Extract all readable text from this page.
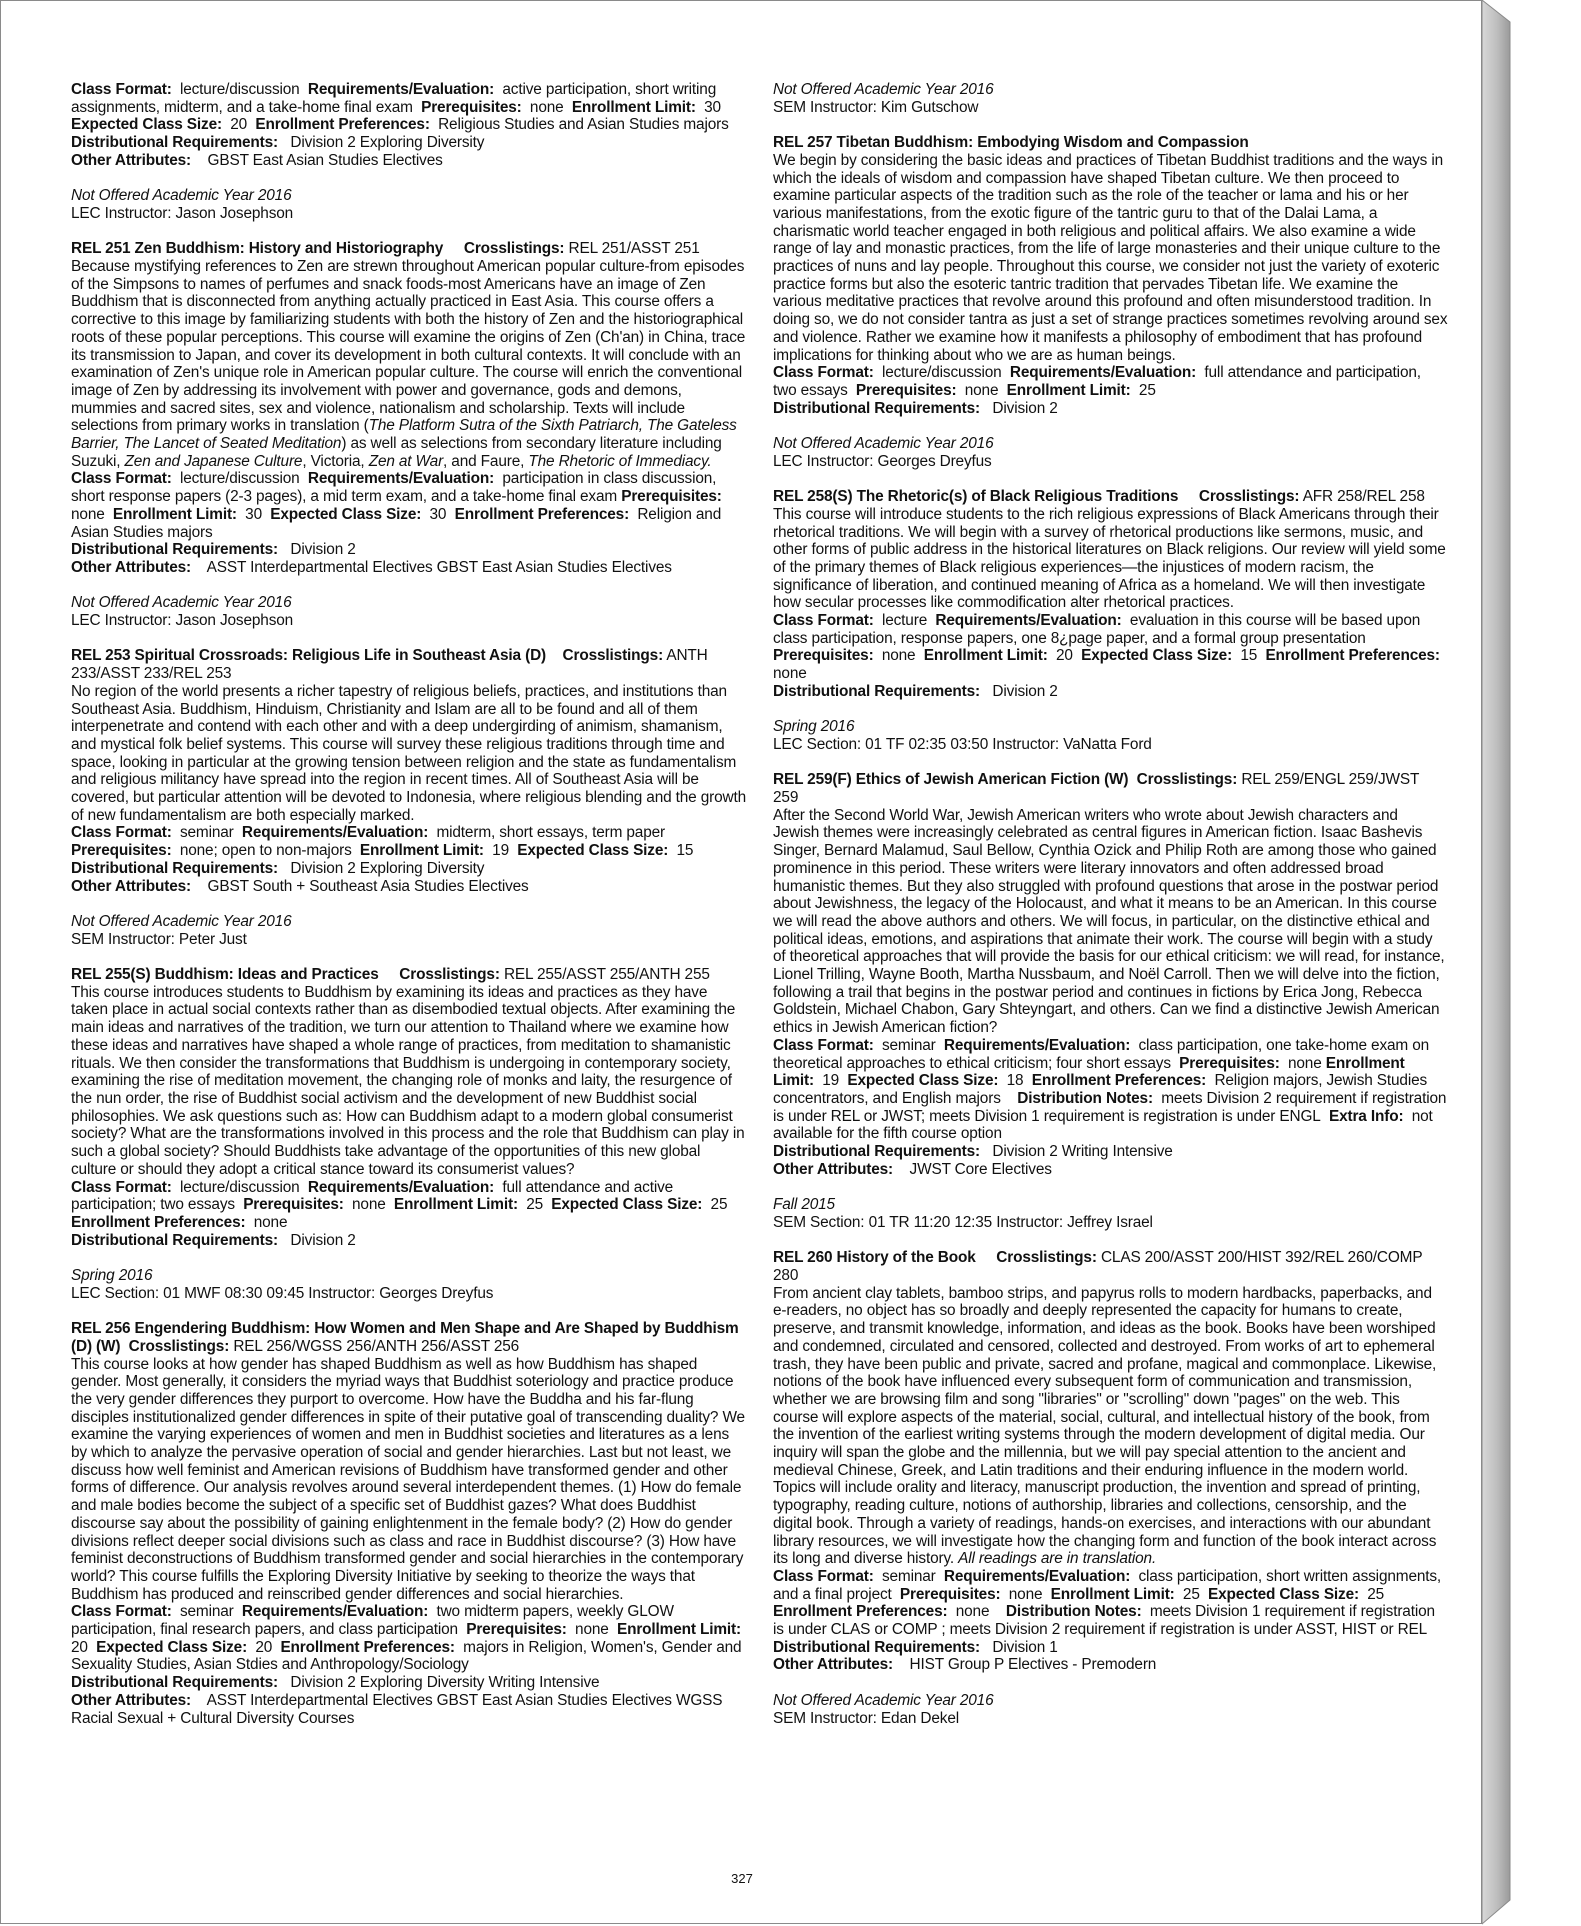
Class Format: lecture/discussion Requirements/Evaluation: active participation, short writing assignments, midterm, and a take-home final exam Prerequisites: none Enrollment Limit: 30  Expected Class Size: 20 Enrollment Preferences: Religious Studies and Asian Studies majors

Distributional Requirements: Division 2 Exploring Diversity

Other Attributes: GBST East Asian Studies Electives

Not Offered Academic Year 2016

LEC Instructor: Jason Josephson

REL 251 Zen Buddhism: History and Historiography Crosslistings: REL 251/ASST 251

Because mystifying references to Zen are strewn throughout American popular culture-from episodes of the Simpsons to names of perfumes and snack foods-most Americans have an image of Zen Buddhism that is disconnected from anything actually practiced in East Asia. This course offers a corrective to this image by familiarizing students with both the history of Zen and the historiographical roots of these popular perceptions. This course will examine the origins of Zen (Ch'an) in China, trace its transmission to Japan, and cover its development in both cultural contexts. It will conclude with an examination of Zen's unique role in American popular culture. The course will enrich the conventional image of Zen by addressing its involvement with power and governance, gods and demons, mummies and sacred sites, sex and violence, nationalism and scholarship. Texts will include selections from primary works in translation (The Platform Sutra of the Sixth Patriarch, The Gateless Barrier, The Lancet of Seated Meditation) as well as selections from secondary literature including Suzuki, Zen and Japanese Culture, Victoria, Zen at War, and Faure, The Rhetoric of Immediacy.

Class Format: lecture/discussion Requirements/Evaluation: participation in class discussion, short response papers (2-3 pages), a mid term exam, and a take-home final exam Prerequisites:  none Enrollment Limit: 30 Expected Class Size: 30 Enrollment Preferences: Religion and Asian Studies majors

Distributional Requirements: Division 2

Other Attributes: ASST Interdepartmental Electives GBST East Asian Studies Electives

Not Offered Academic Year 2016

LEC Instructor: Jason Josephson

REL 253 Spiritual Crossroads: Religious Life in Southeast Asia (D) Crosslistings: ANTH 233/ASST 233/REL 253

No region of the world presents a richer tapestry of religious beliefs, practices, and institutions than Southeast Asia. Buddhism, Hinduism, Christianity and Islam are all to be found and all of them interpenetrate and contend with each other and with a deep undergirding of animism, shamanism, and mystical folk belief systems. This course will survey these religious traditions through time and space, looking in particular at the growing tension between religion and the state as fundamentalism and religious militancy have spread into the region in recent times. All of Southeast Asia will be covered, but particular attention will be devoted to Indonesia, where religious blending and the growth of new fundamentalism are both especially marked.

Class Format: seminar Requirements/Evaluation: midterm, short essays, term paper Prerequisites: none; open to non-majors Enrollment Limit: 19 Expected Class Size: 15

Distributional Requirements: Division 2 Exploring Diversity

Other Attributes: GBST South + Southeast Asia Studies Electives

Not Offered Academic Year 2016

SEM Instructor: Peter Just

REL 255(S) Buddhism: Ideas and Practices Crosslistings: REL 255/ASST 255/ANTH 255

This course introduces students to Buddhism by examining its ideas and practices as they have taken place in actual social contexts rather than as disembodied textual objects. After examining the main ideas and narratives of the tradition, we turn our attention to Thailand where we examine how these ideas and narratives have shaped a whole range of practices, from meditation to shamanistic rituals. We then consider the transformations that Buddhism is undergoing in contemporary society, examining the rise of meditation movement, the changing role of monks and laity, the resurgence of the nun order, the rise of Buddhist social activism and the development of new Buddhist social philosophies. We ask questions such as: How can Buddhism adapt to a modern global consumerist society? What are the transformations involved in this process and the role that Buddhism can play in such a global society? Should Buddhists take advantage of the opportunities of this new global culture or should they adopt a critical stance toward its consumerist values?

Class Format: lecture/discussion Requirements/Evaluation: full attendance and active participation; two essays Prerequisites: none Enrollment Limit: 25 Expected Class Size: 25  Enrollment Preferences: none

Distributional Requirements: Division 2

Spring 2016

LEC Section: 01 MWF 08:30 09:45 Instructor: Georges Dreyfus

REL 256 Engendering Buddhism: How Women and Men Shape and Are Shaped by Buddhism (D) (W) Crosslistings: REL 256/WGSS 256/ANTH 256/ASST 256

This course looks at how gender has shaped Buddhism as well as how Buddhism has shaped gender. Most generally, it considers the myriad ways that Buddhist soteriology and practice produce the very gender differences they purport to overcome. How have the Buddha and his far-flung disciples institutionalized gender differences in spite of their putative goal of transcending duality? We examine the varying experiences of women and men in Buddhist societies and literatures as a lens by which to analyze the pervasive operation of social and gender hierarchies. Last but not least, we discuss how well feminist and American revisions of Buddhism have transformed gender and other forms of difference. Our analysis revolves around several interdependent themes. (1) How do female and male bodies become the subject of a specific set of Buddhist gazes? What does Buddhist discourse say about the possibility of gaining enlightenment in the female body? (2) How do gender divisions reflect deeper social divisions such as class and race in Buddhist discourse? (3) How have feminist deconstructions of Buddhism transformed gender and social hierarchies in the contemporary world? This course fulfills the Exploring Diversity Initiative by seeking to theorize the ways that Buddhism has produced and reinscribed gender differences and social hierarchies.

Class Format: seminar Requirements/Evaluation: two midterm papers, weekly GLOW participation, final research papers, and class participation Prerequisites: none Enrollment Limit:  20 Expected Class Size: 20 Enrollment Preferences: majors in Religion, Women's, Gender and Sexuality Studies, Asian Stdies and Anthropology/Sociology

Distributional Requirements: Division 2 Exploring Diversity Writing Intensive

Other Attributes: ASST Interdepartmental Electives GBST East Asian Studies Electives WGSS Racial Sexual + Cultural Diversity Courses

Not Offered Academic Year 2016

SEM Instructor: Kim Gutschow

REL 257 Tibetan Buddhism: Embodying Wisdom and Compassion

We begin by considering the basic ideas and practices of Tibetan Buddhist traditions and the ways in which the ideals of wisdom and compassion have shaped Tibetan culture. We then proceed to examine particular aspects of the tradition such as the role of the teacher or lama and his or her various manifestations, from the exotic figure of the tantric guru to that of the Dalai Lama, a charismatic world teacher engaged in both religious and political affairs. We also examine a wide range of lay and monastic practices, from the life of large monasteries and their unique culture to the practices of nuns and lay people. Throughout this course, we consider not just the variety of exoteric practice forms but also the esoteric tantric tradition that pervades Tibetan life. We examine the various meditative practices that revolve around this profound and often misunderstood tradition. In doing so, we do not consider tantra as just a set of strange practices sometimes revolving around sex and violence. Rather we examine how it manifests a philosophy of embodiment that has profound implications for thinking about who we are as human beings.

Class Format: lecture/discussion Requirements/Evaluation: full attendance and participation, two essays Prerequisites: none Enrollment Limit: 25

Distributional Requirements: Division 2

Not Offered Academic Year 2016

LEC Instructor: Georges Dreyfus

REL 258(S) The Rhetoric(s) of Black Religious Traditions Crosslistings: AFR 258/REL 258

This course will introduce students to the rich religious expressions of Black Americans through their rhetorical traditions. We will begin with a survey of rhetorical productions like sermons, music, and other forms of public address in the historical literatures on Black religions. Our review will yield some of the primary themes of Black religious experiences—the injustices of modern racism, the significance of liberation, and continued meaning of Africa as a homeland. We will then investigate how secular processes like commodification alter rhetorical practices.

Class Format: lecture Requirements/Evaluation: evaluation in this course will be based upon class participation, response papers, one 8¿page paper, and a formal group presentation Prerequisites: none Enrollment Limit: 20 Expected Class Size: 15 Enrollment Preferences:  none

Distributional Requirements: Division 2

Spring 2016

LEC Section: 01 TF 02:35 03:50 Instructor: VaNatta Ford

REL 259(F) Ethics of Jewish American Fiction (W) Crosslistings: REL 259/ENGL 259/JWST 259

After the Second World War, Jewish American writers who wrote about Jewish characters and Jewish themes were increasingly celebrated as central figures in American fiction. Isaac Bashevis Singer, Bernard Malamud, Saul Bellow, Cynthia Ozick and Philip Roth are among those who gained prominence in this period. These writers were literary innovators and often addressed broad humanistic themes. But they also struggled with profound questions that arose in the postwar period about Jewishness, the legacy of the Holocaust, and what it means to be an American. In this course we will read the above authors and others. We will focus, in particular, on the distinctive ethical and political ideas, emotions, and aspirations that animate their work. The course will begin with a study of theoretical approaches that will provide the basis for our ethical criticism: we will read, for instance, Lionel Trilling, Wayne Booth, Martha Nussbaum, and Noël Carroll. Then we will delve into the fiction, following a trail that begins in the postwar period and continues in fictions by Erica Jong, Rebecca Goldstein, Michael Chabon, Gary Shteyngart, and others. Can we find a distinctive Jewish American ethics in Jewish American fiction?

Class Format: seminar Requirements/Evaluation: class participation, one take-home exam on theoretical approaches to ethical criticism; four short essays Prerequisites: none Enrollment Limit: 19 Expected Class Size: 18 Enrollment Preferences: Religion majors, Jewish Studies concentrators, and English majors Distribution Notes: meets Division 2 requirement if registration is under REL or JWST; meets Division 1 requirement is registration is under ENGL Extra Info: not available for the fifth course option

Distributional Requirements: Division 2 Writing Intensive

Other Attributes: JWST Core Electives

Fall 2015

SEM Section: 01 TR 11:20 12:35 Instructor: Jeffrey Israel

REL 260 History of the Book Crosslistings: CLAS 200/ASST 200/HIST 392/REL 260/COMP 280

From ancient clay tablets, bamboo strips, and papyrus rolls to modern hardbacks, paperbacks, and e-readers, no object has so broadly and deeply represented the capacity for humans to create, preserve, and transmit knowledge, information, and ideas as the book. Books have been worshiped and condemned, circulated and censored, collected and destroyed. From works of art to ephemeral trash, they have been public and private, sacred and profane, magical and commonplace. Likewise, notions of the book have influenced every subsequent form of communication and transmission, whether we are browsing film and song "libraries" or "scrolling" down "pages" on the web. This course will explore aspects of the material, social, cultural, and intellectual history of the book, from the invention of the earliest writing systems through the modern development of digital media. Our inquiry will span the globe and the millennia, but we will pay special attention to the ancient and medieval Chinese, Greek, and Latin traditions and their enduring influence in the modern world. Topics will include orality and literacy, manuscript production, the invention and spread of printing, typography, reading culture, notions of authorship, libraries and collections, censorship, and the digital book. Through a variety of readings, hands-on exercises, and interactions with our abundant library resources, we will investigate how the changing form and function of the book interact across its long and diverse history. All readings are in translation.

Class Format: seminar Requirements/Evaluation: class participation, short written assignments, and a final project Prerequisites: none Enrollment Limit: 25 Expected Class Size: 25  Enrollment Preferences: none Distribution Notes: meets Division 1 requirement if registration is under CLAS or COMP ; meets Division 2 requirement if registration is under ASST, HIST or REL

Distributional Requirements: Division 1

Other Attributes: HIST Group P Electives - Premodern

Not Offered Academic Year 2016

SEM Instructor: Edan Dekel

327
